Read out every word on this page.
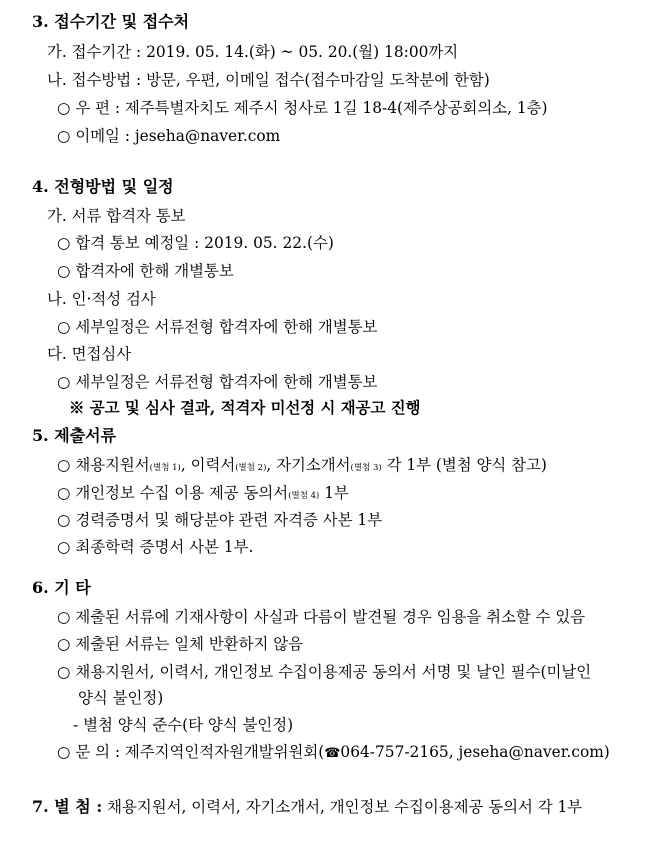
3. 접수기간 및 접수처
가. 접수기간 : 2019. 05. 14.(화) ~ 05. 20.(월) 18:00까지
나. 접수방법 : 방문, 우편, 이메일 접수(접수마감일 도착분에 한함)
○ 우 편 : 제주특별자치도 제주시 청사로 1길 18-4(제주상공회의소, 1층)
○ 이메일 : jeseha@naver.com
4. 전형방법 및 일정
가. 서류 합격자 통보
○ 합격 통보 예정일 : 2019. 05. 22.(수)
○ 합격자에 한해 개별통보
나. 인·적성 검사
○ 세부일정은 서류전형 합격자에 한해 개별통보
다. 면접심사
○ 세부일정은 서류전형 합격자에 한해 개별통보
※ 공고 및 심사 결과, 적격자 미선정 시 재공고 진행
5. 제출서류
○ 채용지원서(별첨 1), 이력서(별첨 2), 자기소개서(별첨 3) 각 1부 (별첨 양식 참고)
○ 개인정보 수집 이용 제공 동의서(별첨 4) 1부
○ 경력증명서 및 해당분야 관련 자격증 사본 1부
○ 최종학력 증명서 사본 1부.
6. 기 타
○ 제출된 서류에 기재사항이 사실과 다름이 발견될 경우 임용을 취소할 수 있음
○ 제출된 서류는 일체 반환하지 않음
○ 채용지원서, 이력서, 개인정보 수집이용제공 동의서 서명 및 날인 필수(미날인
양식 불인정)
- 별첨 양식 준수(타 양식 불인정)
○ 문 의 : 제주지역인적자원개발위원회(☎064-757-2165, jeseha@naver.com)
7. 별 첨 : 채용지원서, 이력서, 자기소개서, 개인정보 수집이용제공 동의서 각 1부
